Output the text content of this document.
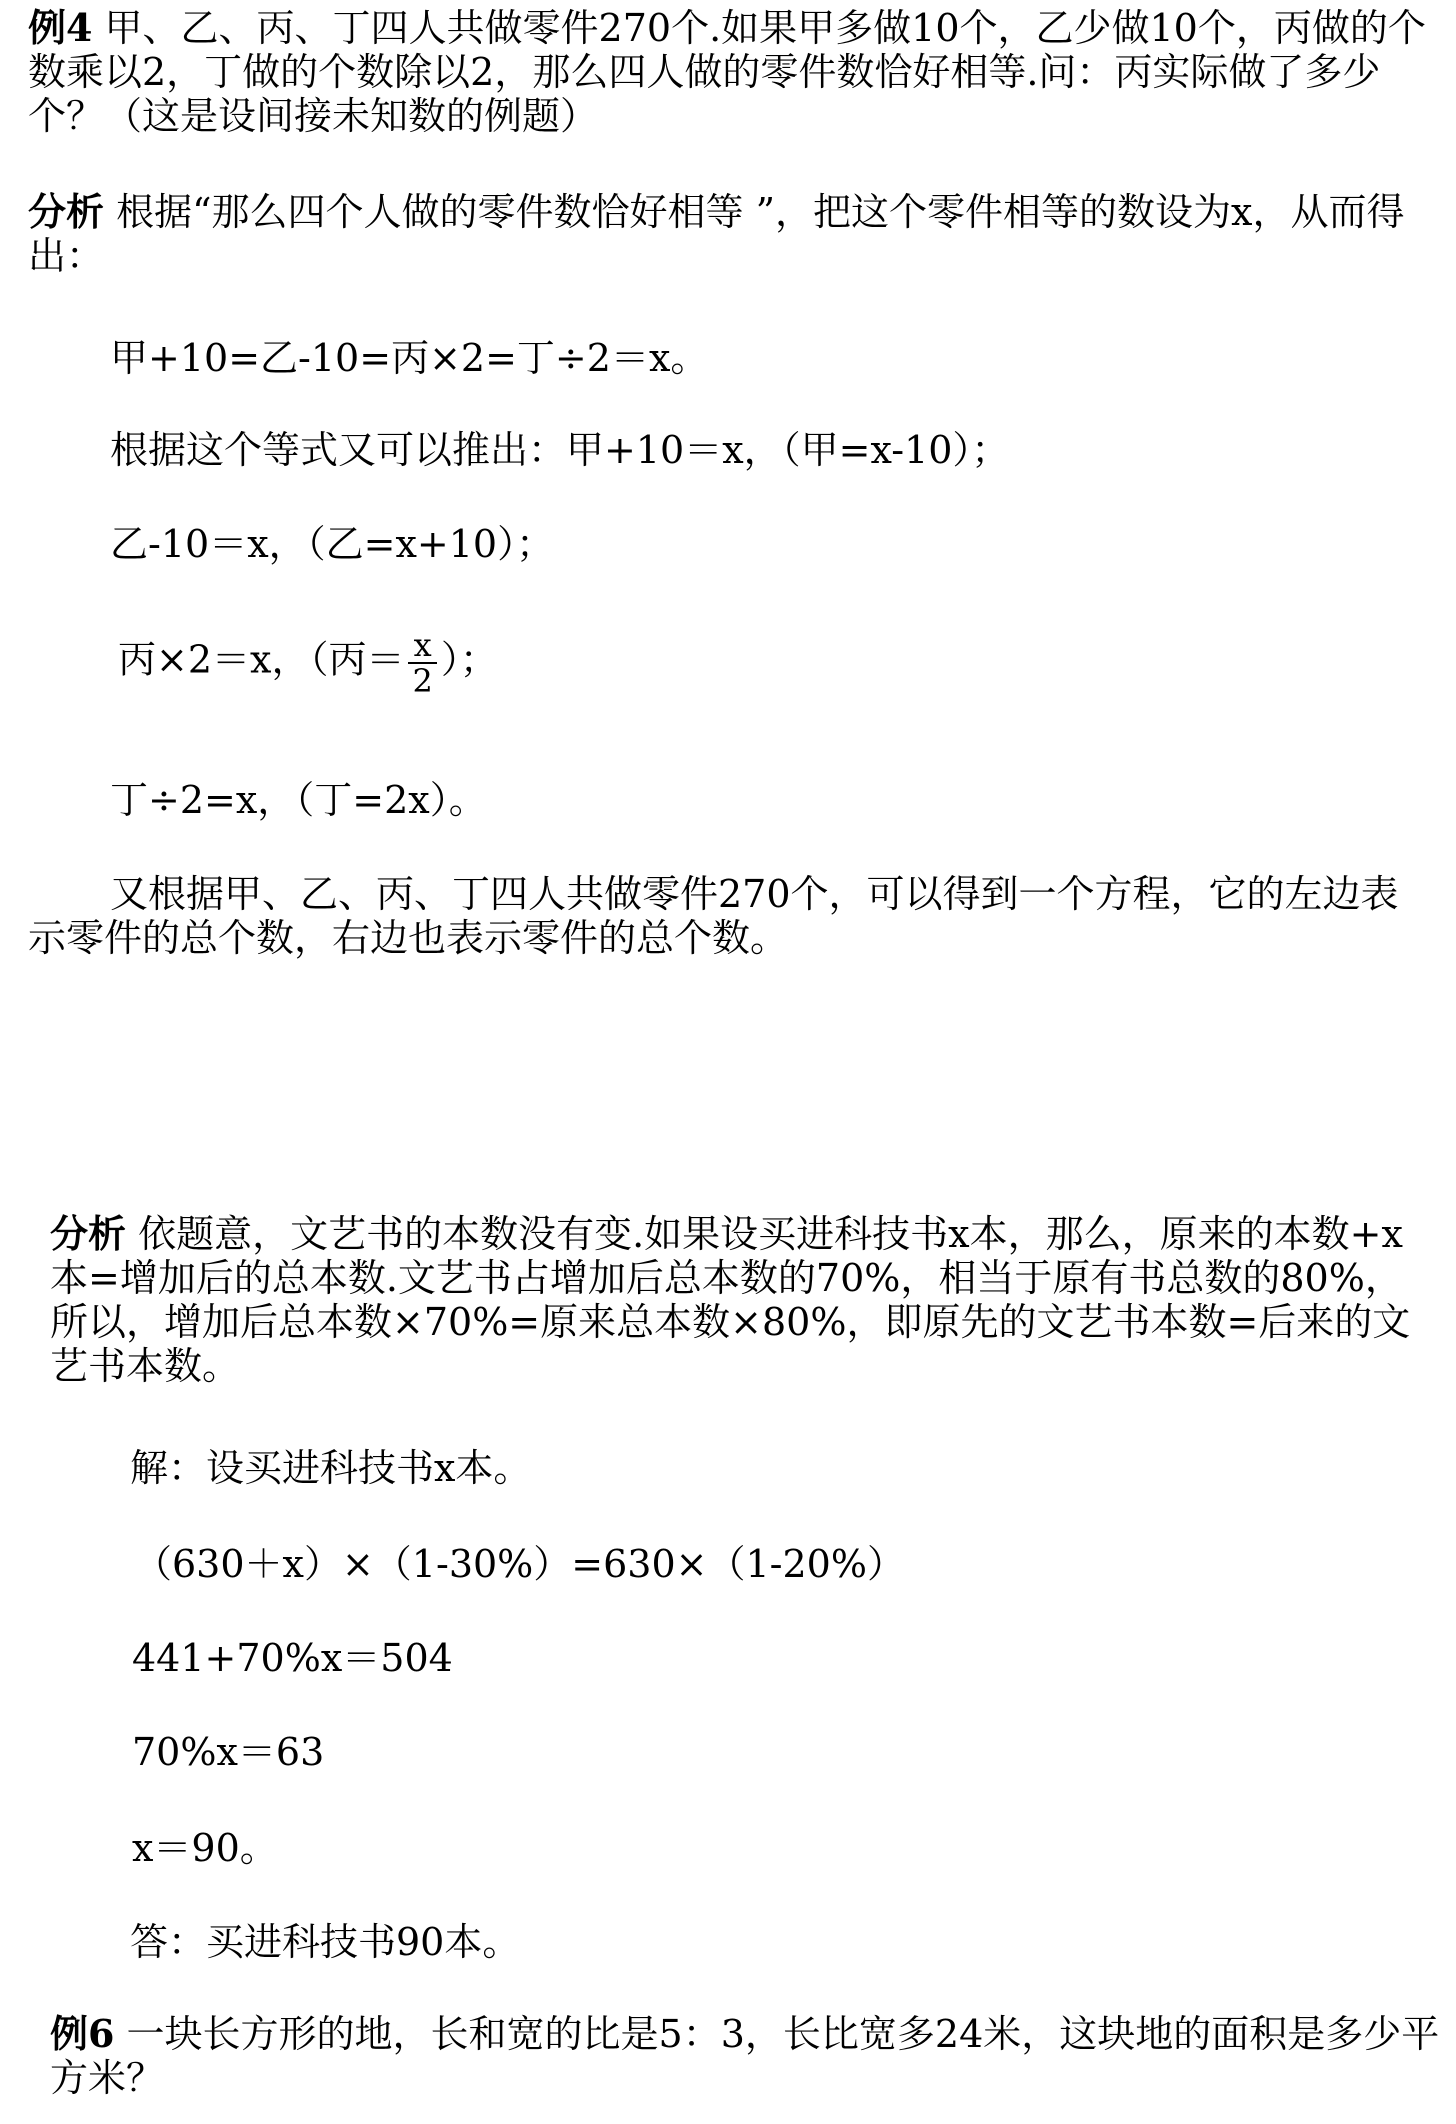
例4 甲、乙、丙、丁四人共做零件270个.如果甲多做10个，乙少做10个，丙做的个数乘以2，丁做的个数除以2，那么四人做的零件数恰好相等.问：丙实际做了多少个？（这是设间接未知数的例题）

分析 根据“那么四个人做的零件数恰好相等 ”，把这个零件相等的数设为x，从而得出：

甲+10=乙-10=丙×2=丁÷2＝x。

根据这个等式又可以推出：甲+10＝x，（甲=x-10）；

乙-10＝x，（乙=x+10）；

丙×2＝x，（丙＝ $\frac{x}{2}$ ）；

丁÷2=x，（丁=2x）。

又根据甲、乙、丙、丁四人共做零件270个，可以得到一个方程，它的左边表示零件的总个数，右边也表示零件的总个数。

分析 依题意，文艺书的本数没有变.如果设买进科技书x本，那么，原来的本数+x本=增加后的总本数.文艺书占增加后总本数的70%，相当于原有书总数的80%，所以，增加后总本数×70%=原来总本数×80%，即原先的文艺书本数=后来的文艺书本数。

解：设买进科技书x本。

（630＋x）×（1-30%）=630×（1-20%）

441+70%x＝504

70%x＝63

x＝90。

答：买进科技书90本。

例6 一块长方形的地，长和宽的比是5：3，长比宽多24米，这块地的面积是多少平方米？
